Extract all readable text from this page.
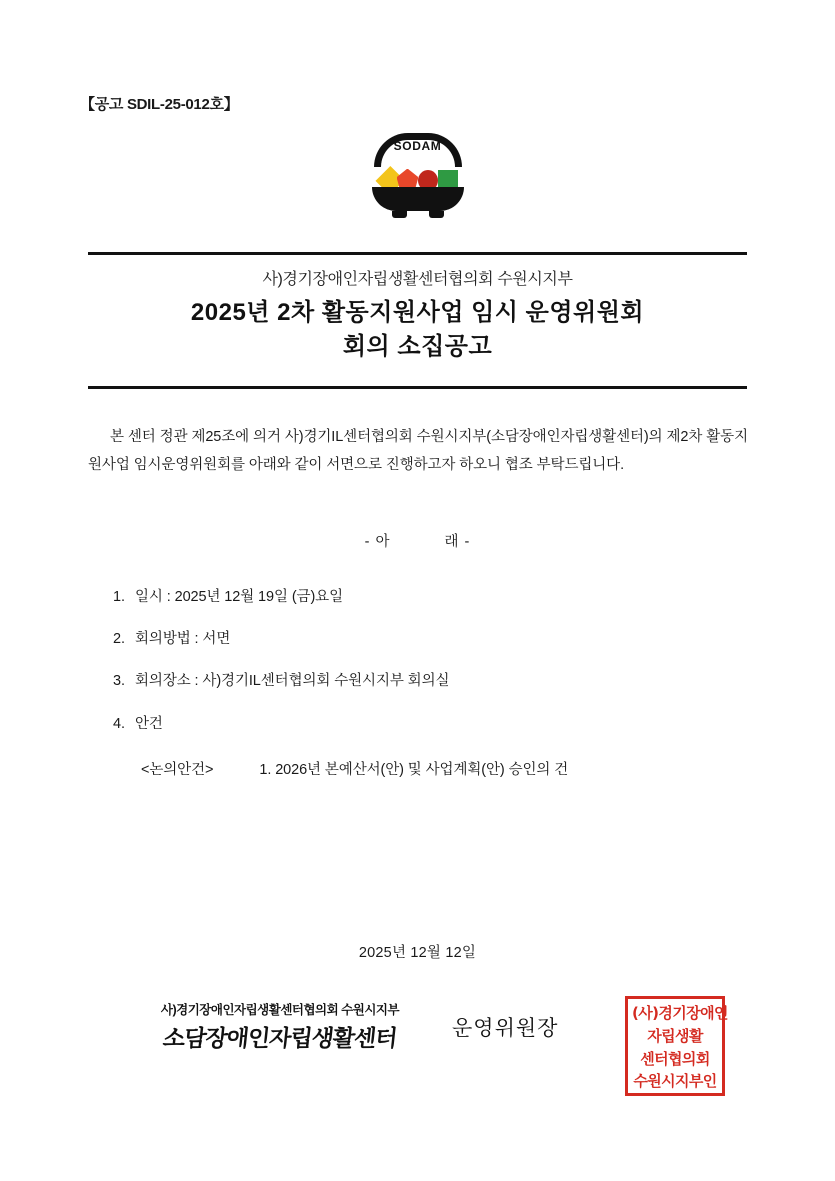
【공고 SDIL-25-012호】
SODAM
사)경기장애인자립생활센터협의회 수원시지부
2025년 2차 활동지원사업 임시 운영위원회
회의 소집공고
본 센터 정관 제25조에 의거 사)경기IL센터협의회 수원시지부(소담장애인자립생활센터)의 제2차 활동지원사업 임시운영위원회를 아래와 같이 서면으로 진행하고자 하오니 협조 부탁드립니다.
- 아	래 -
1. 일시 : 2025년 12월 19일 (금)요일
2. 회의방법 : 서면
3. 회의장소 : 사)경기IL센터협의회 수원시지부 회의실
4. 안건
<논의안건>	1. 2026년 본예산서(안) 및 사업계획(안) 승인의 건
2025년 12월 12일
사)경기장애인자립생활센터협의회 수원시지부
소담장애인자립생활센터	운영위원장
(사)경기장애인
자립생활
센터협의회
수원시지부인
